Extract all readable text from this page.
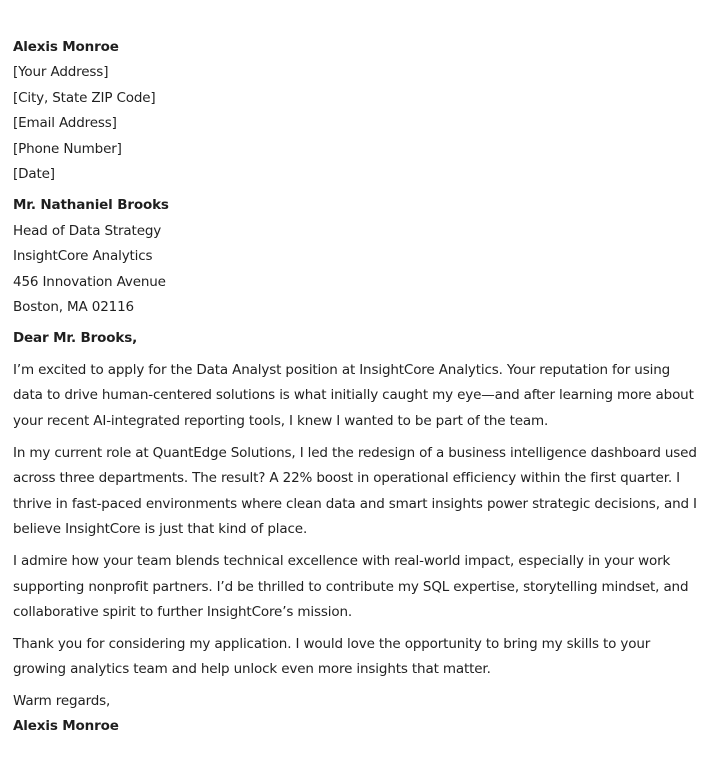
Alexis Monroe
[Your Address]
[City, State ZIP Code]
[Email Address]
[Phone Number]
[Date]
Mr. Nathaniel Brooks
Head of Data Strategy
InsightCore Analytics
456 Innovation Avenue
Boston, MA 02116
Dear Mr. Brooks,
I’m excited to apply for the Data Analyst position at InsightCore Analytics. Your reputation for using data to drive human-centered solutions is what initially caught my eye—and after learning more about your recent AI-integrated reporting tools, I knew I wanted to be part of the team.
In my current role at QuantEdge Solutions, I led the redesign of a business intelligence dashboard used across three departments. The result? A 22% boost in operational efficiency within the first quarter. I thrive in fast-paced environments where clean data and smart insights power strategic decisions, and I believe InsightCore is just that kind of place.
I admire how your team blends technical excellence with real-world impact, especially in your work supporting nonprofit partners. I’d be thrilled to contribute my SQL expertise, storytelling mindset, and collaborative spirit to further InsightCore’s mission.
Thank you for considering my application. I would love the opportunity to bring my skills to your growing analytics team and help unlock even more insights that matter.
Warm regards,
Alexis Monroe
